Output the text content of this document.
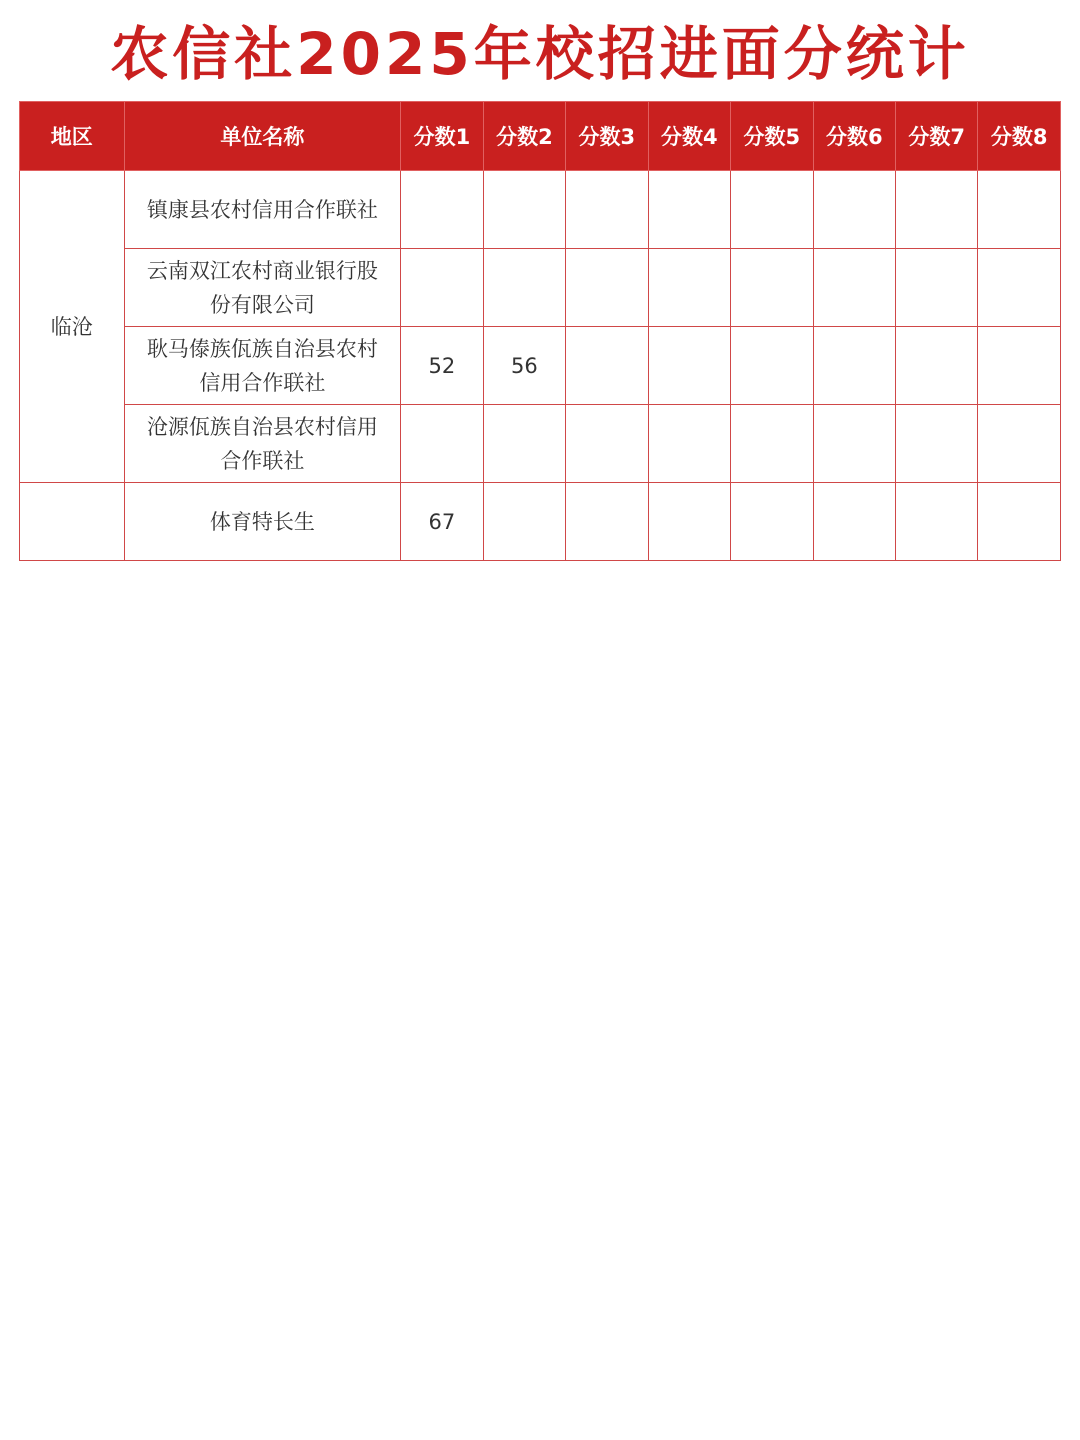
农信社2025年校招进面分统计
地区	单位名称	分数1	分数2	分数3	分数4	分数5	分数6	分数7	分数8
临沧	镇康县农村信用合作联社								
	云南双江农村商业银行股份有限公司								
	耿马傣族佤族自治县农村信用合作联社	52	56						
	沧源佤族自治县农村信用合作联社								
	体育特长生	67							
